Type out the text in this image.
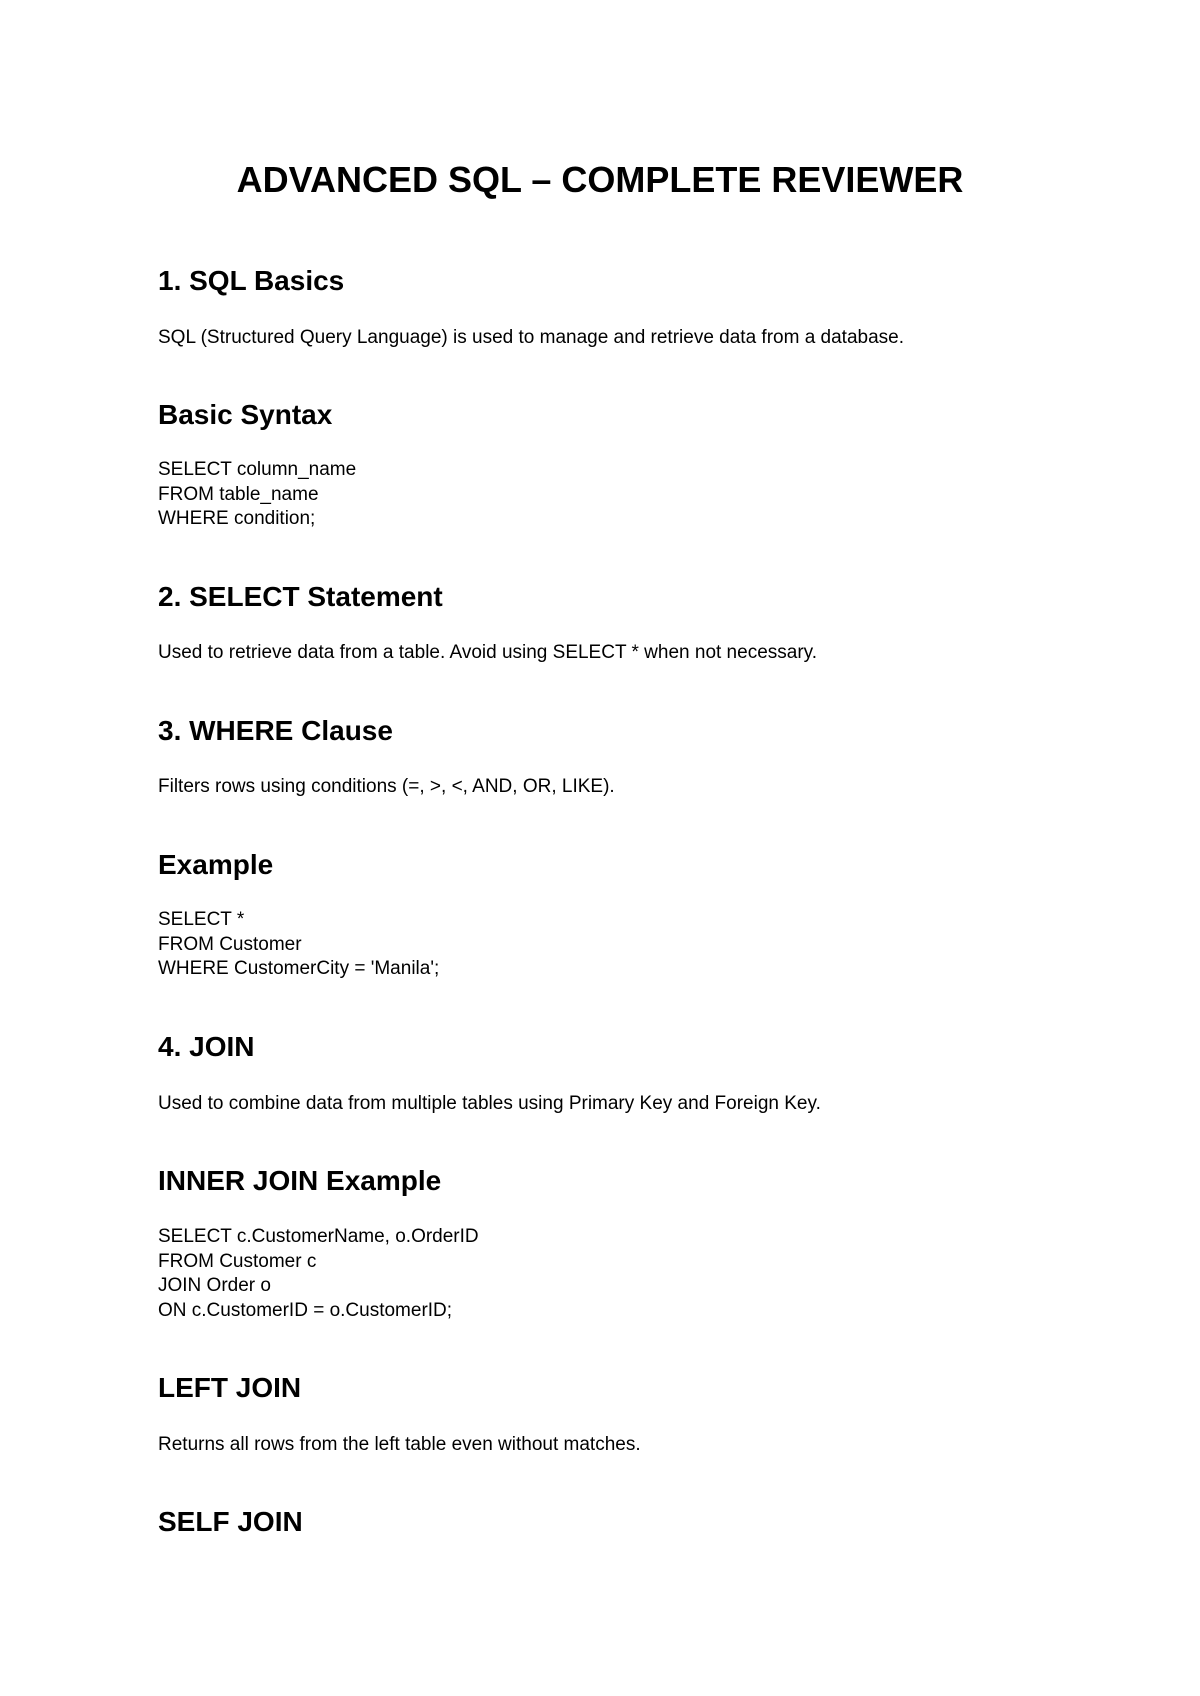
ADVANCED SQL – COMPLETE REVIEWER
1. SQL Basics
SQL (Structured Query Language) is used to manage and retrieve data from a database.
Basic Syntax
SELECT column_name
FROM table_name
WHERE condition;
2. SELECT Statement
Used to retrieve data from a table. Avoid using SELECT * when not necessary.
3. WHERE Clause
Filters rows using conditions (=, >, <, AND, OR, LIKE).
Example
SELECT *
FROM Customer
WHERE CustomerCity = 'Manila';
4. JOIN
Used to combine data from multiple tables using Primary Key and Foreign Key.
INNER JOIN Example
SELECT c.CustomerName, o.OrderID
FROM Customer c
JOIN Order o
ON c.CustomerID = o.CustomerID;
LEFT JOIN
Returns all rows from the left table even without matches.
SELF JOIN
